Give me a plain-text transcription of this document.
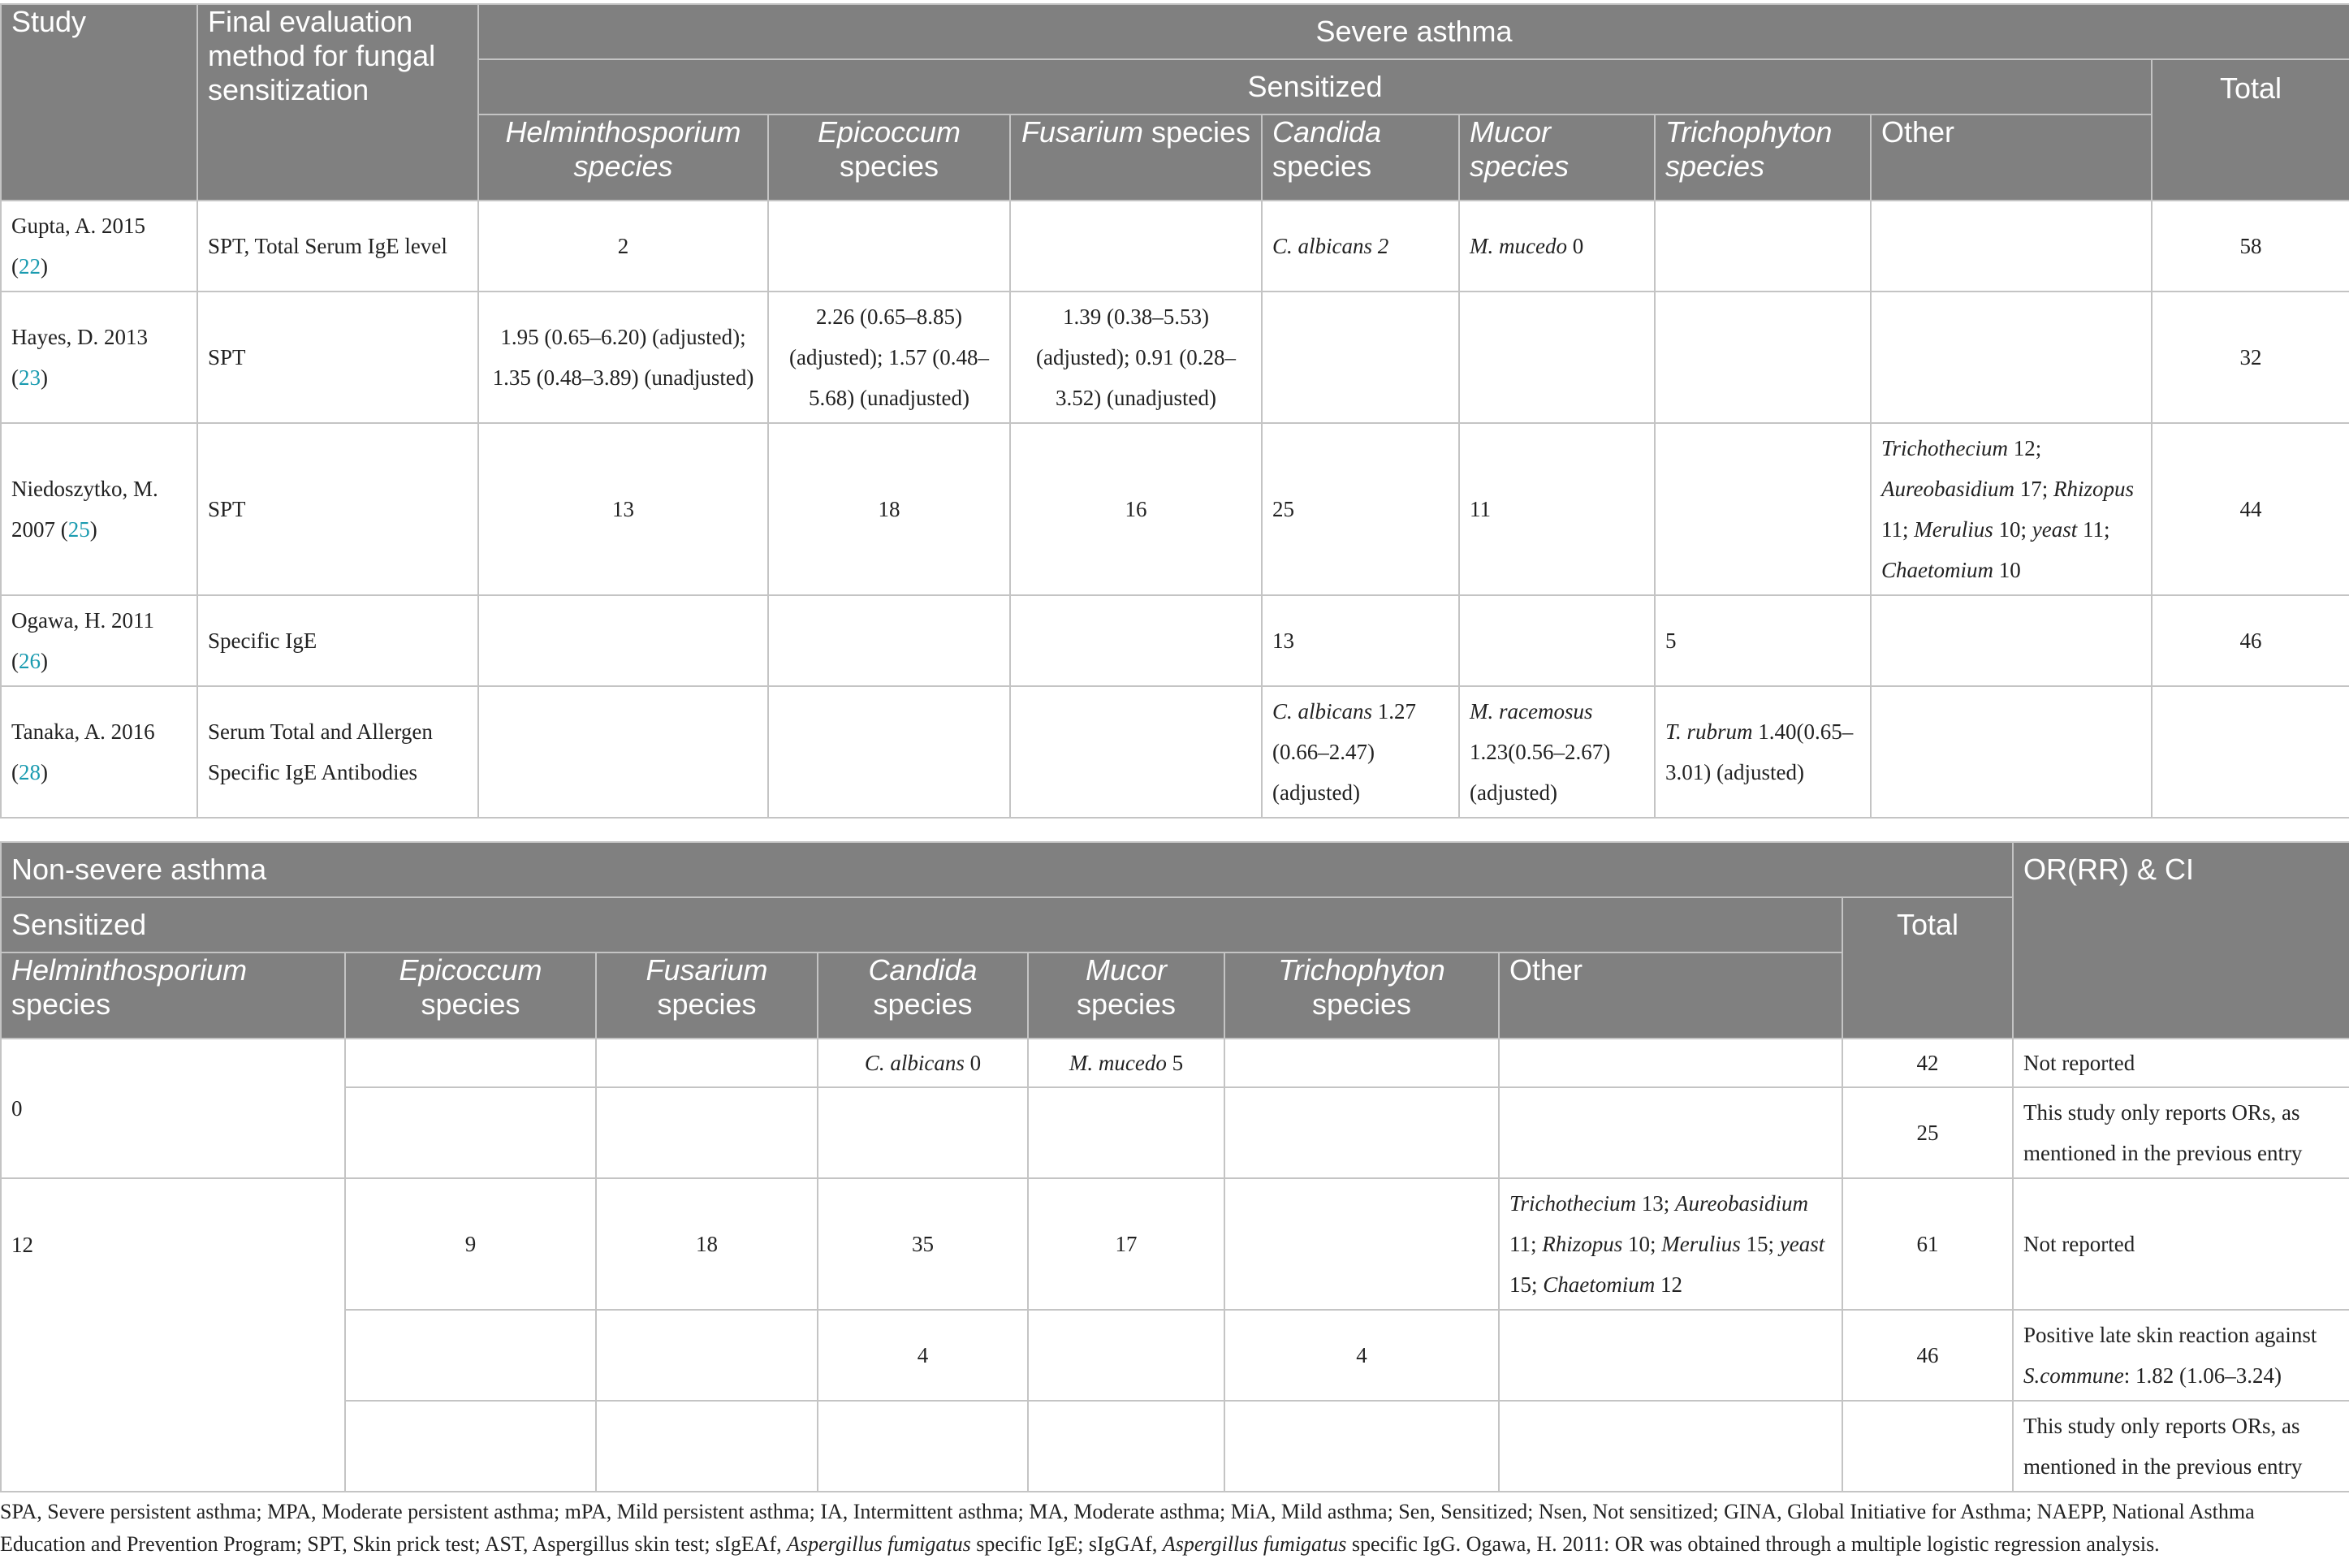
Study	Final evaluation method for fungal sensitization	Severe asthma							
		Sensitized							Total
		Helminthosporium species	Epicoccum species	Fusarium species	Candida species	Mucor species	Trichophyton species	Other	
Gupta, A. 2015 (22)	SPT, Total Serum IgE level	2			C. albicans 2	M. mucedo 0			58
Hayes, D. 2013 (23)	SPT	1.95 (0.65–6.20) (adjusted); 1.35 (0.48–3.89) (unadjusted)	2.26 (0.65–8.85) (adjusted); 1.57 (0.48–5.68) (unadjusted)	1.39 (0.38–5.53) (adjusted); 0.91 (0.28–3.52) (unadjusted)					32
Niedoszytko, M. 2007 (25)	SPT	13	18	16	25	11		Trichothecium 12; Aureobasidium 17; Rhizopus 11; Merulius 10; yeast 11; Chaetomium 10	44
Ogawa, H. 2011 (26)	Specific IgE				13		5		46
Tanaka, A. 2016 (28)	Serum Total and Allergen Specific IgE Antibodies				C. albicans 1.27 (0.66–2.47) (adjusted)	M. racemosus 1.23(0.56–2.67) (adjusted)	T. rubrum 1.40(0.65–3.01) (adjusted)		
Non-severe asthma								OR(RR) & CI
Sensitized							Total	
Helminthosporium species	Epicoccum species	Fusarium species	Candida species	Mucor species	Trichophyton species	Other		
0			C. albicans 0	M. mucedo 5			42	Not reported
							25	This study only reports ORs, as mentioned in the previous entry
12	9	18	35	17		Trichothecium 13; Aureobasidium 11; Rhizopus 10; Merulius 15; yeast 15; Chaetomium 12	61	Not reported
			4		4		46	Positive late skin reaction against S.commune: 1.82 (1.06–3.24)
								This study only reports ORs, as mentioned in the previous entry
SPA, Severe persistent asthma; MPA, Moderate persistent asthma; mPA, Mild persistent asthma; IA, Intermittent asthma; MA, Moderate asthma; MiA, Mild asthma; Sen, Sensitized; Nsen, Not sensitized; GINA, Global Initiative for Asthma; NAEPP, National Asthma Education and Prevention Program; SPT, Skin prick test; AST, Aspergillus skin test; sIgEAf, Aspergillus fumigatus specific IgE; sIgGAf, Aspergillus fumigatus specific IgG. Ogawa, H. 2011: OR was obtained through a multiple logistic regression analysis.
